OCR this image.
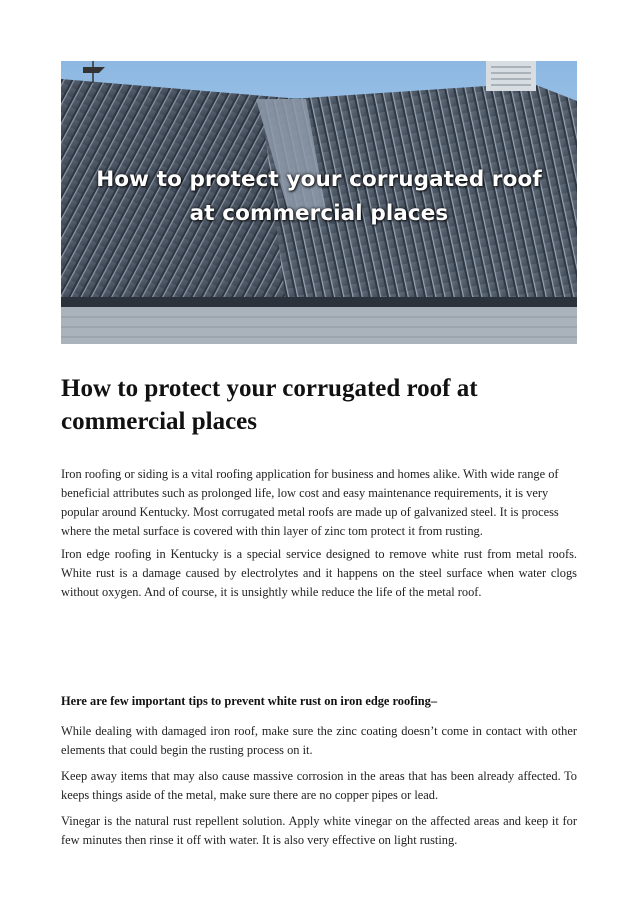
How to protect your corrugated roof
at commercial places
How to protect your corrugated roof at commercial places

Iron roofing or siding is a vital roofing application for business and homes alike. With wide range of beneficial attributes such as prolonged life, low cost and easy maintenance requirements, it is very popular around Kentucky. Most corrugated metal roofs are made up of galvanized steel. It is process where the metal surface is covered with thin layer of zinc tom protect it from rusting.

Iron edge roofing in Kentucky is a special service designed to remove white rust from metal roofs. White rust is a damage caused by electrolytes and it happens on the steel surface when water clogs without oxygen. And of course, it is unsightly while reduce the life of the metal roof.

Here are few important tips to prevent white rust on iron edge roofing–

While dealing with damaged iron roof, make sure the zinc coating doesn’t come in contact with other elements that could begin the rusting process on it.

Keep away items that may also cause massive corrosion in the areas that has been already affected. To keeps things aside of the metal, make sure there are no copper pipes or lead.

Vinegar is the natural rust repellent solution. Apply white vinegar on the affected areas and keep it for few minutes then rinse it off with water. It is also very effective on light rusting.
